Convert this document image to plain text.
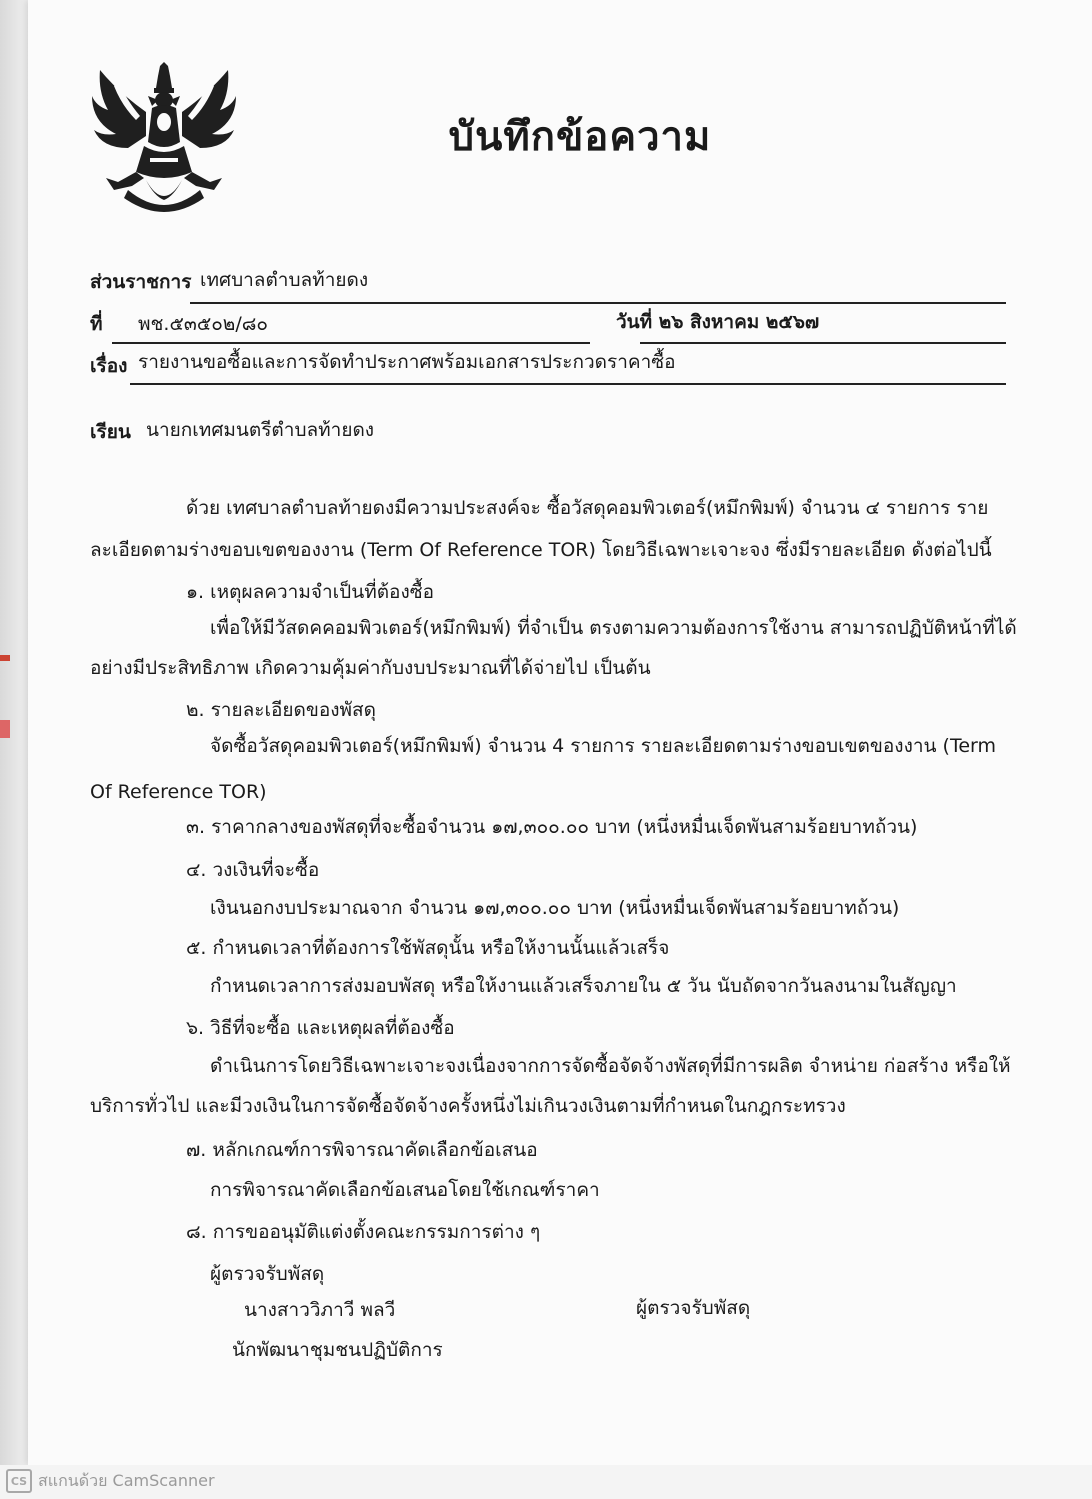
บันทึกข้อความ
ส่วนราชการ เทศบาลตำบลท้ายดง
ที่ พช.๕๓๕๐๒/๘๐	วันที่ ๒๖ สิงหาคม ๒๕๖๗
เรื่อง รายงานขอซื้อและการจัดทำประกาศพร้อมเอกสารประกวดราคาซื้อ
เรียน นายกเทศมนตรีตำบลท้ายดง
ด้วย เทศบาลตำบลท้ายดงมีความประสงค์จะ ซื้อวัสดุคอมพิวเตอร์(หมึกพิมพ์) จำนวน ๔ รายการ ราย
ละเอียดตามร่างขอบเขตของงาน (Term Of Reference TOR) โดยวิธีเฉพาะเจาะจง ซึ่งมีรายละเอียด ดังต่อไปนี้
๑. เหตุผลความจำเป็นที่ต้องซื้อ
เพื่อให้มีวัสดคคอมพิวเตอร์(หมึกพิมพ์) ที่จำเป็น ตรงตามความต้องการใช้งาน สามารถปฏิบัติหน้าที่ได้
อย่างมีประสิทธิภาพ เกิดความคุ้มค่ากับงบประมาณที่ได้จ่ายไป เป็นต้น
๒. รายละเอียดของพัสดุ
จัดซื้อวัสดุคอมพิวเตอร์(หมึกพิมพ์) จำนวน 4 รายการ รายละเอียดตามร่างขอบเขตของงาน (Term
Of Reference TOR)
๓. ราคากลางของพัสดุที่จะซื้อจำนวน ๑๗,๓๐๐.๐๐ บาท (หนึ่งหมื่นเจ็ดพันสามร้อยบาทถ้วน)
๔. วงเงินที่จะซื้อ
เงินนอกงบประมาณจาก จำนวน ๑๗,๓๐๐.๐๐ บาท (หนึ่งหมื่นเจ็ดพันสามร้อยบาทถ้วน)
๕. กำหนดเวลาที่ต้องการใช้พัสดุนั้น หรือให้งานนั้นแล้วเสร็จ
กำหนดเวลาการส่งมอบพัสดุ หรือให้งานแล้วเสร็จภายใน ๕ วัน นับถัดจากวันลงนามในสัญญา
๖. วิธีที่จะซื้อ และเหตุผลที่ต้องซื้อ
ดำเนินการโดยวิธีเฉพาะเจาะจงเนื่องจากการจัดซื้อจัดจ้างพัสดุที่มีการผลิต จำหน่าย ก่อสร้าง หรือให้
บริการทั่วไป และมีวงเงินในการจัดซื้อจัดจ้างครั้งหนึ่งไม่เกินวงเงินตามที่กำหนดในกฎกระทรวง
๗. หลักเกณฑ์การพิจารณาคัดเลือกข้อเสนอ
การพิจารณาคัดเลือกข้อเสนอโดยใช้เกณฑ์ราคา
๘. การขออนุมัติแต่งตั้งคณะกรรมการต่าง ๆ
ผู้ตรวจรับพัสดุ
นางสาววิภาวี พลวี	ผู้ตรวจรับพัสดุ
นักพัฒนาชุมชนปฏิบัติการ
CS สแกนด้วย CamScanner
